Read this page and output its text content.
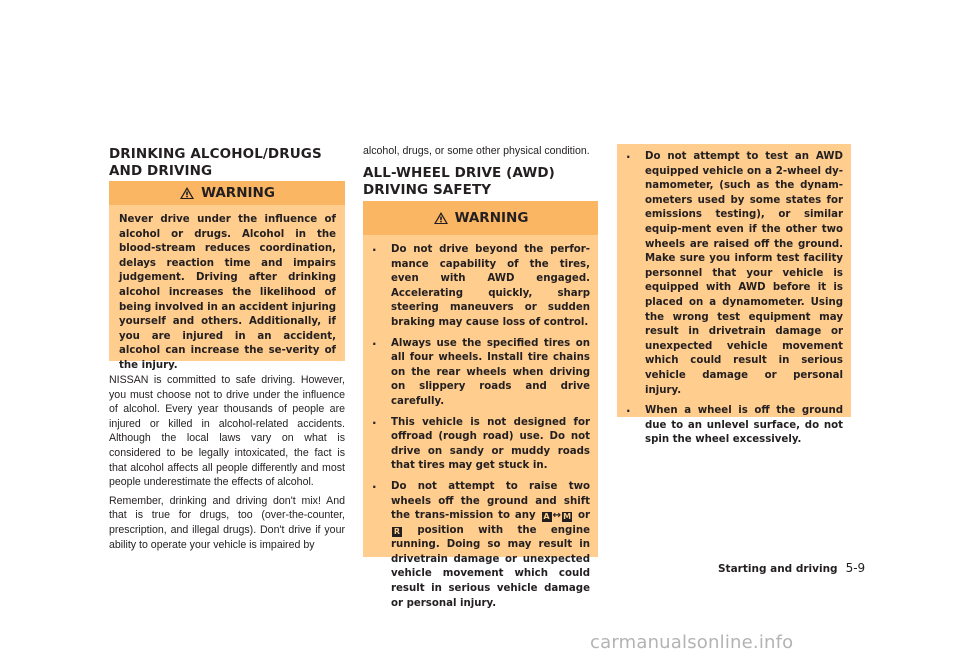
DRINKING ALCOHOL/DRUGS AND DRIVING
WARNING
Never drive under the influence of alcohol or drugs. Alcohol in the blood-stream reduces coordination, delays reaction time and impairs judgement. Driving after drinking alcohol increases the likelihood of being involved in an accident injuring yourself and others. Additionally, if you are injured in an accident, alcohol can increase the se-verity of the injury.

NISSAN is committed to safe driving. However, you must choose not to drive under the influence of alcohol. Every year thousands of people are injured or killed in alcohol-related accidents. Although the local laws vary on what is considered to be legally intoxicated, the fact is that alcohol affects all people differently and most people underestimate the effects of alcohol.

Remember, drinking and driving don't mix! And that is true for drugs, too (over-the-counter, prescription, and illegal drugs). Don't drive if your ability to operate your vehicle is impaired by

alcohol, drugs, or some other physical condition.
ALL-WHEEL DRIVE (AWD) DRIVING SAFETY
WARNING
. Do not drive beyond the perfor-mance capability of the tires, even with AWD engaged. Accelerating quickly, sharp steering maneuvers or sudden braking may cause loss of control.
. Always use the specified tires on all four wheels. Install tire chains on the rear wheels when driving on slippery roads and drive carefully.
. This vehicle is not designed for offroad (rough road) use. Do not drive on sandy or muddy roads that tires may get stuck in.
. Do not attempt to raise two wheels off the ground and shift the trans-mission to any A ↔ M or R position with the engine running. Doing so may result in drivetrain damage or unexpected vehicle movement which could result in serious vehicle damage or personal injury.
. Do not attempt to test an AWD equipped vehicle on a 2-wheel dy-namometer, (such as the dynam-ometers used by some states for emissions testing), or similar equip-ment even if the other two wheels are raised off the ground. Make sure you inform test facility personnel that your vehicle is equipped with AWD before it is placed on a dynamometer. Using the wrong test equipment may result in drivetrain damage or unexpected vehicle movement which could result in serious vehicle damage or personal injury.
. When a wheel is off the ground due to an unlevel surface, do not spin the wheel excessively.
Starting and driving 5-9
carmanualsonline.info
